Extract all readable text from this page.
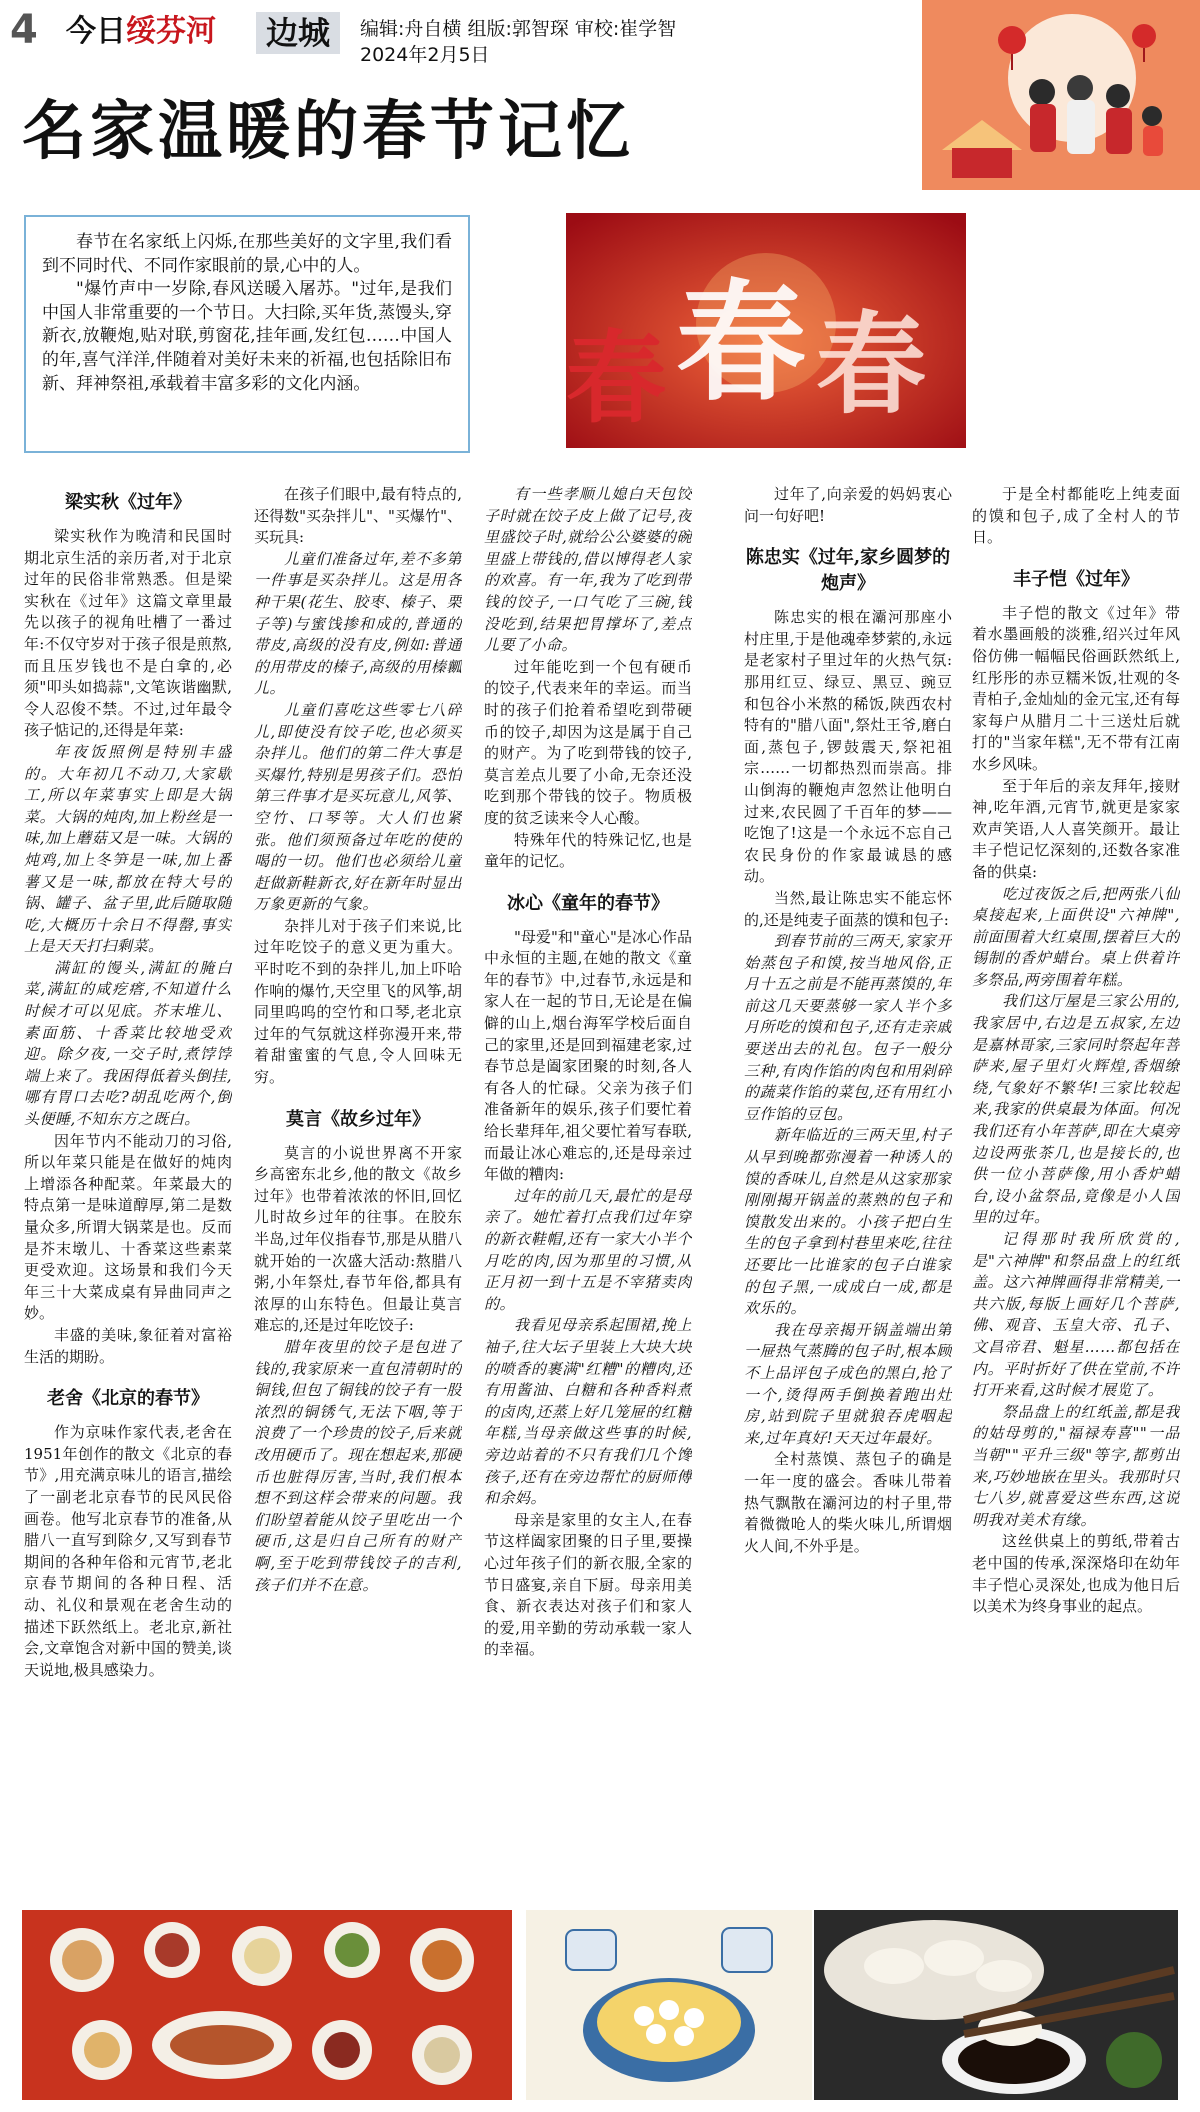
4 今日绥芬河	边城	编辑:舟自横 组版:郭智琛 审校:崔学智
2024年2月5日
名家温暖的春节记忆

春节在名家纸上闪烁,在那些美好的文字里,我们看到不同时代、不同作家眼前的景,心中的人。

"爆竹声中一岁除,春风送暖入屠苏。"过年,是我们中国人非常重要的一个节日。大扫除,买年货,蒸馒头,穿新衣,放鞭炮,贴对联,剪窗花,挂年画,发红包……中国人的年,喜气洋洋,伴随着对美好未来的祈福,也包括除旧布新、拜神祭祖,承载着丰富多彩的文化内涵。	春 春
春
梁实秋《过年》

梁实秋作为晚清和民国时期北京生活的亲历者,对于北京过年的民俗非常熟悉。但是梁实秋在《过年》这篇文章里最先以孩子的视角吐槽了一番过年:不仅守岁对于孩子很是煎熬,而且压岁钱也不是白拿的,必须"叩头如捣蒜",文笔诙谐幽默,令人忍俊不禁。不过,过年最令孩子惦记的,还得是年菜:

年夜饭照例是特别丰盛的。大年初几不动刀,大家歇工,所以年菜事实上即是大锅菜。大锅的炖肉,加上粉丝是一味,加上蘑菇又是一味。大锅的炖鸡,加上冬笋是一味,加上番薯又是一味,都放在特大号的锅、罐子、盆子里,此后随取随吃,大概历十余日不得罄,事实上是天天打扫剩菜。

满缸的馒头,满缸的腌白菜,满缸的咸疙瘩,不知道什么时候才可以见底。芥末堆儿、素面筋、十香菜比较地受欢迎。除夕夜,一交子时,煮饽饽端上来了。我困得低着头倒挂,哪有胃口去吃?胡乱吃两个,倒头便睡,不知东方之既白。

因年节内不能动刀的习俗,所以年菜只能是在做好的炖肉上增添各种配菜。年菜最大的特点第一是味道醇厚,第二是数量众多,所谓大锅菜是也。反而是芥末墩儿、十香菜这些素菜更受欢迎。这场景和我们今天年三十大菜成桌有异曲同声之妙。

丰盛的美味,象征着对富裕生活的期盼。

老舍《北京的春节》

作为京味作家代表,老舍在1951年创作的散文《北京的春节》,用充满京味儿的语言,描绘了一副老北京春节的民风民俗画卷。他写北京春节的准备,从腊八一直写到除夕,又写到春节期间的各种年俗和元宵节,老北京春节期间的各种日程、活动、礼仪和景观在老舍生动的描述下跃然纸上。老北京,新社会,文章饱含对新中国的赞美,谈天说地,极具感染力。

在孩子们眼中,最有特点的,还得数"买杂拌儿"、"买爆竹"、买玩具:

儿童们准备过年,差不多第一件事是买杂拌儿。这是用各种干果(花生、胶枣、榛子、栗子等)与蜜饯掺和成的,普通的带皮,高级的没有皮,例如:普通的用带皮的榛子,高级的用榛瓤儿。

儿童们喜吃这些零七八碎儿,即使没有饺子吃,也必须买杂拌儿。他们的第二件大事是买爆竹,特别是男孩子们。恐怕第三件事才是买玩意儿,风筝、空竹、口琴等。大人们也紧张。他们须预备过年吃的使的喝的一切。他们也必须给儿童赶做新鞋新衣,好在新年时显出万象更新的气象。

杂拌儿对于孩子们来说,比过年吃饺子的意义更为重大。平时吃不到的杂拌儿,加上吓哈作响的爆竹,天空里飞的风筝,胡同里呜呜的空竹和口琴,老北京过年的气氛就这样弥漫开来,带着甜蜜蜜的气息,令人回味无穷。

莫言《故乡过年》

莫言的小说世界离不开家乡高密东北乡,他的散文《故乡过年》也带着浓浓的怀旧,回忆儿时故乡过年的往事。在胶东半岛,过年仪指春节,那是从腊八就开始的一次盛大活动:熬腊八粥,小年祭灶,春节年俗,都具有浓厚的山东特色。但最让莫言难忘的,还是过年吃饺子:

腊年夜里的饺子是包进了钱的,我家原来一直包清朝时的铜钱,但包了铜钱的饺子有一股浓烈的铜锈气,无法下咽,等于浪费了一个珍贵的饺子,后来就改用硬币了。现在想起来,那硬币也脏得厉害,当时,我们根本想不到这样会带来的问题。我们盼望着能从饺子里吃出一个硬币,这是归自己所有的财产啊,至于吃到带钱饺子的吉利,孩子们并不在意。

有一些孝顺儿媳白天包饺子时就在饺子皮上做了记号,夜里盛饺子时,就给公公婆婆的碗里盛上带钱的,借以博得老人家的欢喜。有一年,我为了吃到带钱的饺子,一口气吃了三碗,钱没吃到,结果把胃撑坏了,差点儿要了小命。

过年能吃到一个包有硬币的饺子,代表来年的幸运。而当时的孩子们抢着希望吃到带硬币的饺子,却因为这是属于自己的财产。为了吃到带钱的饺子,莫言差点儿要了小命,无奈还没吃到那个带钱的饺子。物质极度的贫乏读来令人心酸。

特殊年代的特殊记忆,也是童年的记忆。

冰心《童年的春节》

"母爱"和"童心"是冰心作品中永恒的主题,在她的散文《童年的春节》中,过春节,永远是和家人在一起的节日,无论是在偏僻的山上,烟台海军学校后面自己的家里,还是回到福建老家,过春节总是阖家团聚的时刻,各人有各人的忙碌。父亲为孩子们准备新年的娱乐,孩子们要忙着给长辈拜年,祖父要忙着写春联,而最让冰心难忘的,还是母亲过年做的糟肉:

过年的前几天,最忙的是母亲了。她忙着打点我们过年穿的新衣鞋帽,还有一家大小半个月吃的肉,因为那里的习惯,从正月初一到十五是不宰猪卖肉的。

我看见母亲系起围裙,挽上袖子,往大坛子里装上大块大块的喷香的裹满"红糟"的糟肉,还有用酱油、白糖和各种香料煮的卤肉,还蒸上好几笼屉的红糖年糕,当母亲做这些事的时候,旁边站着的不只有我们几个馋孩子,还有在旁边帮忙的厨师傅和余妈。

母亲是家里的女主人,在春节这样阖家团聚的日子里,要操心过年孩子们的新衣服,全家的节日盛宴,亲自下厨。母亲用美食、新衣表达对孩子们和家人的爱,用辛勤的劳动承载一家人的幸福。

过年了,向亲爱的妈妈衷心问一句好吧!

陈忠实《过年,家乡圆梦的炮声》

陈忠实的根在灞河那座小村庄里,于是他魂牵梦萦的,永远是老家村子里过年的火热气氛:那用红豆、绿豆、黑豆、豌豆和包谷小米熬的稀饭,陕西农村特有的"腊八面",祭灶王爷,磨白面,蒸包子,锣鼓震天,祭祀祖宗……一切都热烈而崇高。排山倒海的鞭炮声忽然让他明白过来,农民圆了千百年的梦——吃饱了!这是一个永远不忘自己农民身份的作家最诚恳的感动。

当然,最让陈忠实不能忘怀的,还是纯麦子面蒸的馍和包子:

到春节前的三两天,家家开始蒸包子和馍,按当地风俗,正月十五之前是不能再蒸馍的,年前这几天要蒸够一家人半个多月所吃的馍和包子,还有走亲戚要送出去的礼包。包子一般分三种,有肉作馅的肉包和用剁碎的蔬菜作馅的菜包,还有用红小豆作馅的豆包。

新年临近的三两天里,村子从早到晚都弥漫着一种诱人的馍的香味儿,自然是从这家那家刚刚揭开锅盖的蒸熟的包子和馍散发出来的。小孩子把白生生的包子拿到村巷里来吃,往往还要比一比谁家的包子白谁家的包子黑,一成成白一成,都是欢乐的。

我在母亲揭开锅盖端出第一屉热气蒸腾的包子时,根本顾不上品评包子成色的黑白,抢了一个,烫得两手倒换着跑出灶房,站到院子里就狼吞虎咽起来,过年真好!天天过年最好。

全村蒸馍、蒸包子的确是一年一度的盛会。香味儿带着热气飘散在灞河边的村子里,带着微微呛人的柴火味儿,所谓烟火人间,不外乎是。

于是全村都能吃上纯麦面的馍和包子,成了全村人的节日。

丰子恺《过年》

丰子恺的散文《过年》带着水墨画般的淡雅,绍兴过年风俗仿佛一幅幅民俗画跃然纸上,红彤彤的赤豆糯米饭,壮观的冬青柏子,金灿灿的金元宝,还有每家每户从腊月二十三送灶后就打的"当家年糕",无不带有江南水乡风味。

至于年后的亲友拜年,接财神,吃年酒,元宵节,就更是家家欢声笑语,人人喜笑颜开。最让丰子恺记忆深刻的,还数各家准备的供桌:

吃过夜饭之后,把两张八仙桌接起来,上面供设"六神牌",前面围着大红桌围,摆着巨大的锡制的香炉蜡台。桌上供着许多祭品,两旁围着年糕。

我们这厅屋是三家公用的,我家居中,右边是五叔家,左边是嘉林哥家,三家同时祭起年菩萨来,屋子里灯火辉煌,香烟缭绕,气象好不繁华!三家比较起来,我家的供桌最为体面。何况我们还有小年菩萨,即在大桌旁边设两张茶几,也是接长的,也供一位小菩萨像,用小香炉蜡台,设小盆祭品,竟像是小人国里的过年。

记得那时我所欣赏的,是"六神牌"和祭品盘上的红纸盖。这六神牌画得非常精美,一共六版,每版上画好几个菩萨,佛、观音、玉皇大帝、孔子、文昌帝君、魁星……都包括在内。平时折好了供在堂前,不许打开来看,这时候才展览了。

祭品盘上的红纸盖,都是我的姑母剪的,"福禄寿喜""一品当朝""平升三级"等字,都剪出来,巧妙地嵌在里头。我那时只七八岁,就喜爱这些东西,这说明我对美术有缘。

这丝供桌上的剪纸,带着古老中国的传承,深深烙印在幼年丰子恺心灵深处,也成为他日后以美术为终身事业的起点。
